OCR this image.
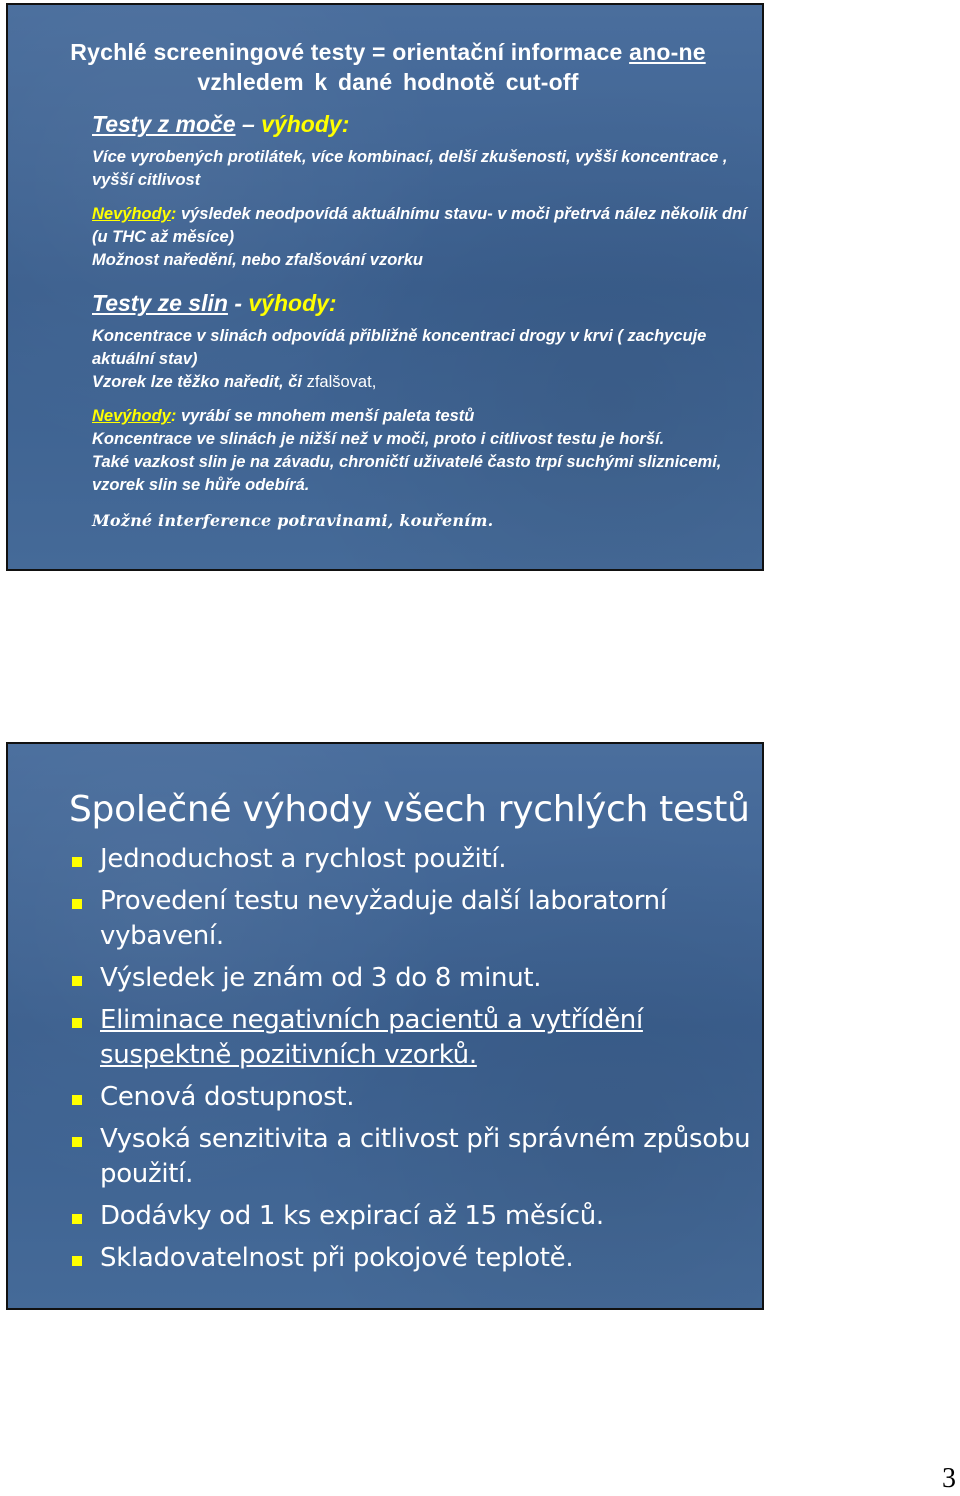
Rychlé screeningové testy = orientační informace ano-ne
vzhledem k dané hodnotě cut-off
Testy z moče – výhody:

Více vyrobených protilátek, více kombinací, delší zkušenosti, vyšší koncentrace , vyšší citlivost

Nevýhody: výsledek neodpovídá aktuálnímu stavu- v moči přetrvá nález několik dní (u THC až měsíce)

Možnost naředění, nebo zfalšování vzorku

Testy ze slin - výhody:

Koncentrace v slinách odpovídá přibližně koncentraci drogy v krvi ( zachycuje aktuální stav)

Vzorek lze těžko naředit, či zfalšovat,

Nevýhody: vyrábí se mnohem menší paleta testů

Koncentrace ve slinách je nižší než v moči, proto i citlivost testu je horší.

Také vazkost slin je na závadu, chroničtí uživatelé často trpí suchými sliznicemi, vzorek slin se hůře odebírá.

Možné interference potravinami, kouřením.

Společné výhody všech rychlých testů
Jednoduchost a rychlost použití.
Provedení testu nevyžaduje další laboratorní vybavení.
Výsledek je znám od 3 do 8 minut.
Eliminace negativních pacientů a vytřídění suspektně pozitivních vzorků.
Cenová dostupnost.
Vysoká senzitivita a citlivost při správném způsobu použití.
Dodávky od 1 ks expirací až 15 měsíců.
Skladovatelnost při pokojové teplotě.
3
